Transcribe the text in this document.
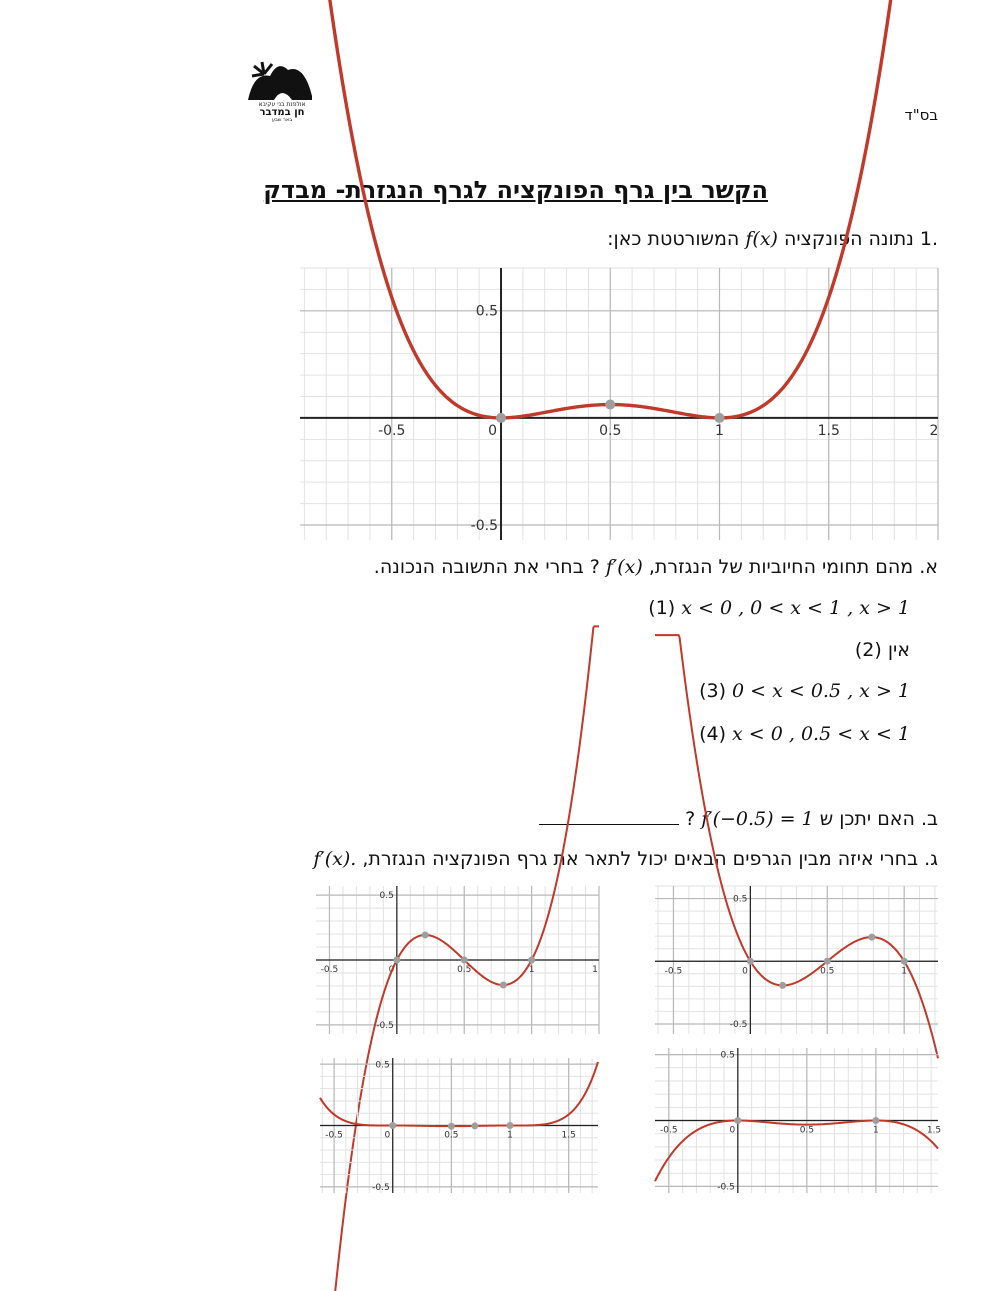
אולפנת בני עקיבא
חן במדבר
באר שבע	בס"ד
הקשר בין גרף הפונקציה לגרף הנגזרת- מבדק
.1 נתונה הפונקציה f(x) המשורטטת כאן:
-0.5	0	0.5	1	1.5	2
0.5
-0.5
א. מהם תחומי החיוביות של הנגזרת, f′(x) ? בחרי את התשובה הנכונה.
(1) x < 0 , 0 < x < 1 , x > 1
(2) אין
(3) 0 < x < 0.5 , x > 1
(4) x < 0 , 0.5 < x < 1
ב. האם יתכן ש f′(−0.5) = 1 ?
ג. בחרי איזה מבין הגרפים הבאים יכול לתאר את גרף הפונקציה הנגזרת, f′(x).
-0.5	0	0.5	1
0.5
-0.5
-0.5	0	0.5	1	1
0.5
-0.5
-0.5	0	0.5	1	1.5
0.5
-0.5
-0.5	0	0.5	1	1.5
0.5
-0.5
